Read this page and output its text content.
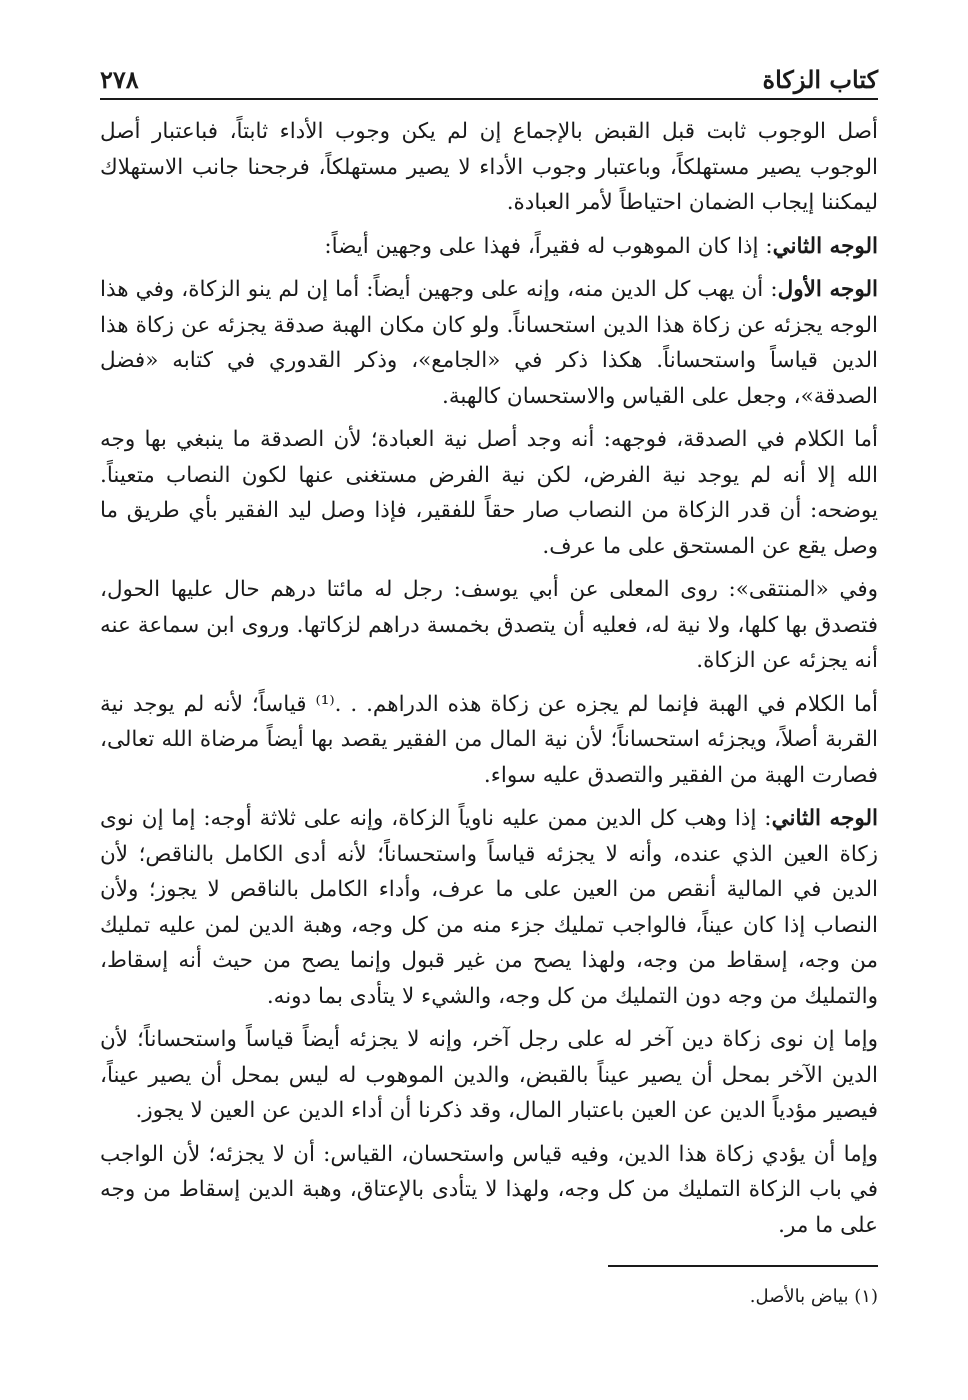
كتاب الزكاة
٢٧٨

أصل الوجوب ثابت قبل القبض بالإجماع إن لم يكن وجوب الأداء ثابتاً، فباعتبار أصل الوجوب يصير مستهلكاً، وباعتبار وجوب الأداء لا يصير مستهلكاً، فرجحنا جانب الاستهلاك ليمكننا إيجاب الضمان احتياطاً لأمر العبادة.

الوجه الثاني: إذا كان الموهوب له فقيراً، فهذا على وجهين أيضاً:

الوجه الأول: أن يهب كل الدين منه، وإنه على وجهين أيضاً: أما إن لم ينو الزكاة، وفي هذا الوجه يجزئه عن زكاة هذا الدين استحساناً. ولو كان مكان الهبة صدقة يجزئه عن زكاة هذا الدين قياساً واستحساناً. هكذا ذكر في «الجامع»، وذكر القدوري في كتابه «فضل الصدقة»، وجعل على القياس والاستحسان كالهبة.

أما الكلام في الصدقة، فوجهه: أنه وجد أصل نية العبادة؛ لأن الصدقة ما ينبغي بها وجه الله إلا أنه لم يوجد نية الفرض، لكن نية الفرض مستغنى عنها لكون النصاب متعيناً. يوضحه: أن قدر الزكاة من النصاب صار حقاً للفقير، فإذا وصل ليد الفقير بأي طريق ما وصل يقع عن المستحق على ما عرف.

وفي «المنتقى»: روى المعلى عن أبي يوسف: رجل له مائتا درهم حال عليها الحول، فتصدق بها كلها، ولا نية له، فعليه أن يتصدق بخمسة دراهم لزكاتها. وروى ابن سماعة عنه أنه يجزئه عن الزكاة.

أما الكلام في الهبة فإنما لم يجزه عن زكاة هذه الدراهم. . .⁽¹⁾ قياساً؛ لأنه لم يوجد نية القربة أصلاً، ويجزئه استحساناً؛ لأن نية المال من الفقير يقصد بها أيضاً مرضاة الله تعالى، فصارت الهبة من الفقير والتصدق عليه سواء.

الوجه الثاني: إذا وهب كل الدين ممن عليه ناوياً الزكاة، وإنه على ثلاثة أوجه: إما إن نوى زكاة العين الذي عنده، وأنه لا يجزئه قياساً واستحساناً؛ لأنه أدى الكامل بالناقص؛ لأن الدين في المالية أنقص من العين على ما عرف، وأداء الكامل بالناقص لا يجوز؛ ولأن النصاب إذا كان عيناً، فالواجب تمليك جزء منه من كل وجه، وهبة الدين لمن عليه تمليك من وجه، إسقاط من وجه، ولهذا يصح من غير قبول وإنما يصح من حيث أنه إسقاط، والتمليك من وجه دون التمليك من كل وجه، والشيء لا يتأدى بما دونه.

وإما إن نوى زكاة دين آخر له على رجل آخر، وإنه لا يجزئه أيضاً قياساً واستحساناً؛ لأن الدين الآخر بمحل أن يصير عيناً بالقبض، والدين الموهوب له ليس بمحل أن يصير عيناً، فيصير مؤدياً الدين عن العين باعتبار المال، وقد ذكرنا أن أداء الدين عن العين لا يجوز.

وإما أن يؤدي زكاة هذا الدين، وفيه قياس واستحسان، القياس: أن لا يجزئه؛ لأن الواجب في باب الزكاة التمليك من كل وجه، ولهذا لا يتأدى بالإعتاق، وهبة الدين إسقاط من وجه على ما مر.

(١) بياض بالأصل.
